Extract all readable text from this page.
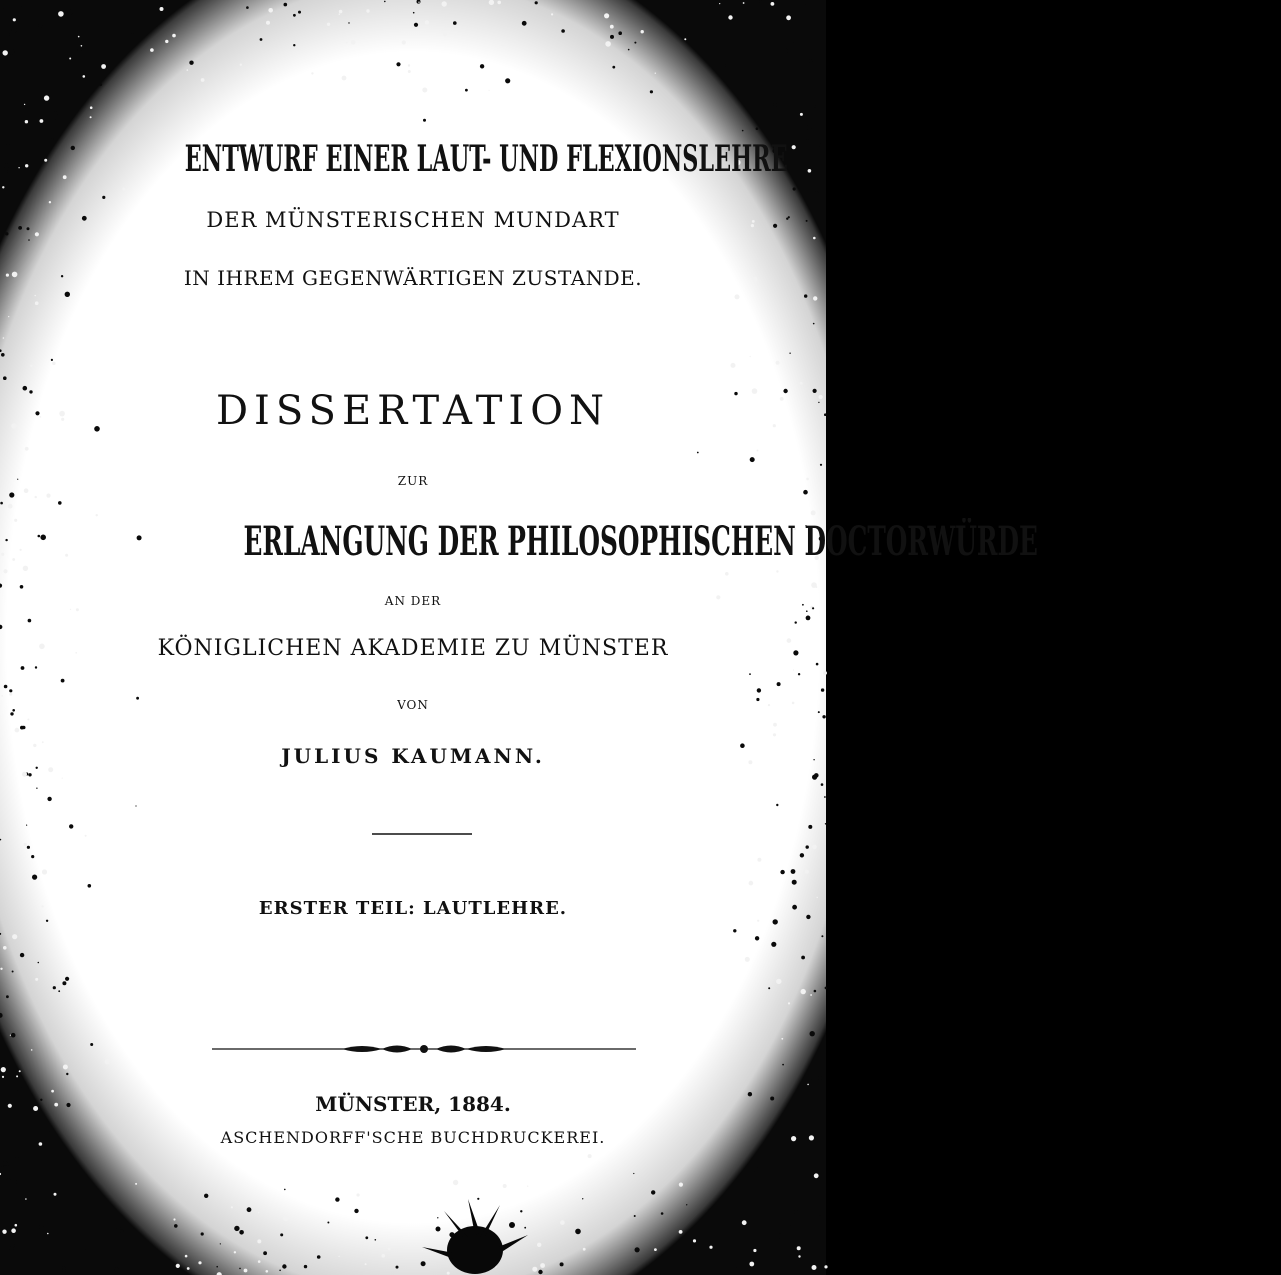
ENTWURF EINER LAUT- UND FLEXIONSLEHRE

DER MÜNSTERISCHEN MUNDART

IN IHREM GEGENWÄRTIGEN ZUSTANDE.

DISSERTATION

ZUR

ERLANGUNG DER PHILOSOPHISCHEN DOCTORWÜRDE

AN DER

KÖNIGLICHEN AKADEMIE ZU MÜNSTER

VON

JULIUS KAUMANN.

ERSTER TEIL: LAUTLEHRE.

MÜNSTER, 1884.

ASCHENDORFF'SCHE BUCHDRUCKEREI.
